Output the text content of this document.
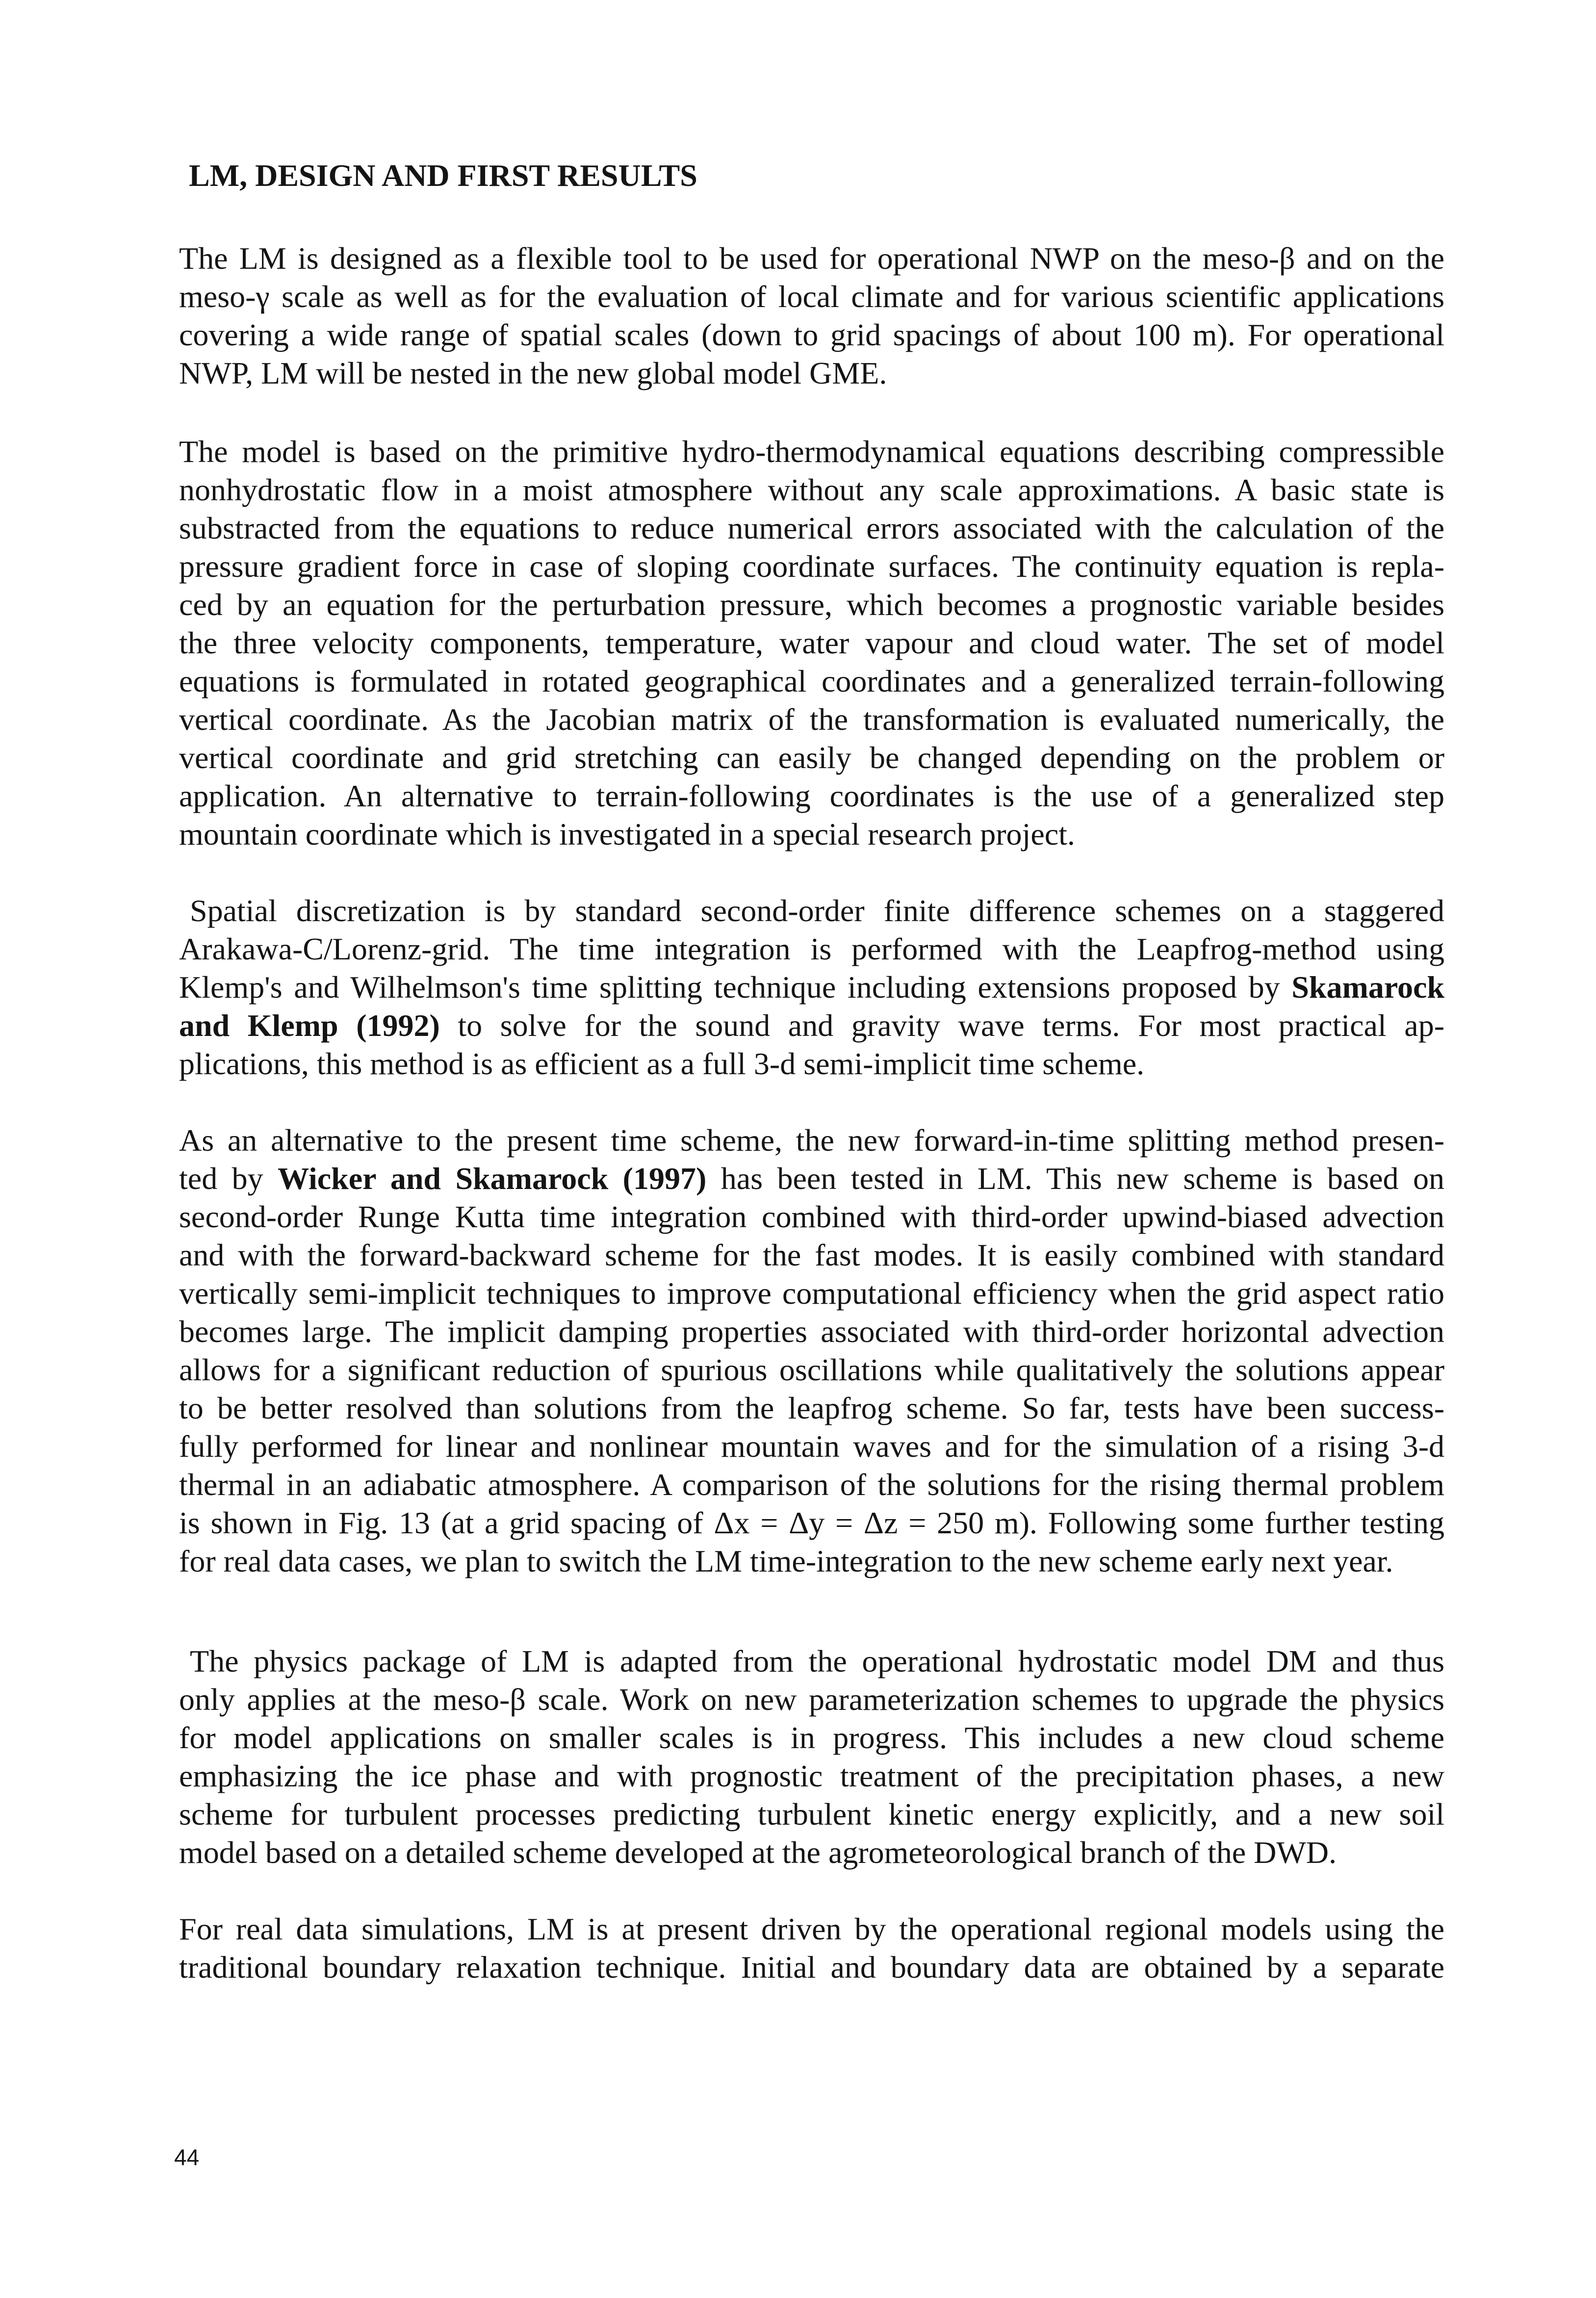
LM, DESIGN AND FIRST RESULTS

The LM is designed as a flexible tool to be used for operational NWP on the meso-β and on the
meso-γ scale as well as for the evaluation of local climate and for various scientific applications
covering a wide range of spatial scales (down to grid spacings of about 100 m). For operational
NWP, LM will be nested in the new global model GME.

The model is based on the primitive hydro-thermodynamical equations describing compressible
nonhydrostatic flow in a moist atmosphere without any scale approximations. A basic state is
substracted from the equations to reduce numerical errors associated with the calculation of the
pressure gradient force in case of sloping coordinate surfaces. The continuity equation is repla-
ced by an equation for the perturbation pressure, which becomes a prognostic variable besides
the three velocity components, temperature, water vapour and cloud water. The set of model
equations is formulated in rotated geographical coordinates and a generalized terrain-following
vertical coordinate. As the Jacobian matrix of the transformation is evaluated numerically, the
vertical coordinate and grid stretching can easily be changed depending on the problem or
application. An alternative to terrain-following coordinates is the use of a generalized step
mountain coordinate which is investigated in a special research project.

Spatial discretization is by standard second-order finite difference schemes on a staggered
Arakawa-C/Lorenz-grid. The time integration is performed with the Leapfrog-method using
Klemp's and Wilhelmson's time splitting technique including extensions proposed by Skamarock
and Klemp (1992) to solve for the sound and gravity wave terms. For most practical ap-
plications, this method is as efficient as a full 3-d semi-implicit time scheme.

As an alternative to the present time scheme, the new forward-in-time splitting method presen-
ted by Wicker and Skamarock (1997) has been tested in LM. This new scheme is based on
second-order Runge Kutta time integration combined with third-order upwind-biased advection
and with the forward-backward scheme for the fast modes. It is easily combined with standard
vertically semi-implicit techniques to improve computational efficiency when the grid aspect ratio
becomes large. The implicit damping properties associated with third-order horizontal advection
allows for a significant reduction of spurious oscillations while qualitatively the solutions appear
to be better resolved than solutions from the leapfrog scheme. So far, tests have been success-
fully performed for linear and nonlinear mountain waves and for the simulation of a rising 3-d
thermal in an adiabatic atmosphere. A comparison of the solutions for the rising thermal problem
is shown in Fig. 13 (at a grid spacing of Δx = Δy = Δz = 250 m). Following some further testing
for real data cases, we plan to switch the LM time-integration to the new scheme early next year.

The physics package of LM is adapted from the operational hydrostatic model DM and thus
only applies at the meso-β scale. Work on new parameterization schemes to upgrade the physics
for model applications on smaller scales is in progress. This includes a new cloud scheme
emphasizing the ice phase and with prognostic treatment of the precipitation phases, a new
scheme for turbulent processes predicting turbulent kinetic energy explicitly, and a new soil
model based on a detailed scheme developed at the agrometeorological branch of the DWD.

For real data simulations, LM is at present driven by the operational regional models using the
traditional boundary relaxation technique. Initial and boundary data are obtained by a separate

44
